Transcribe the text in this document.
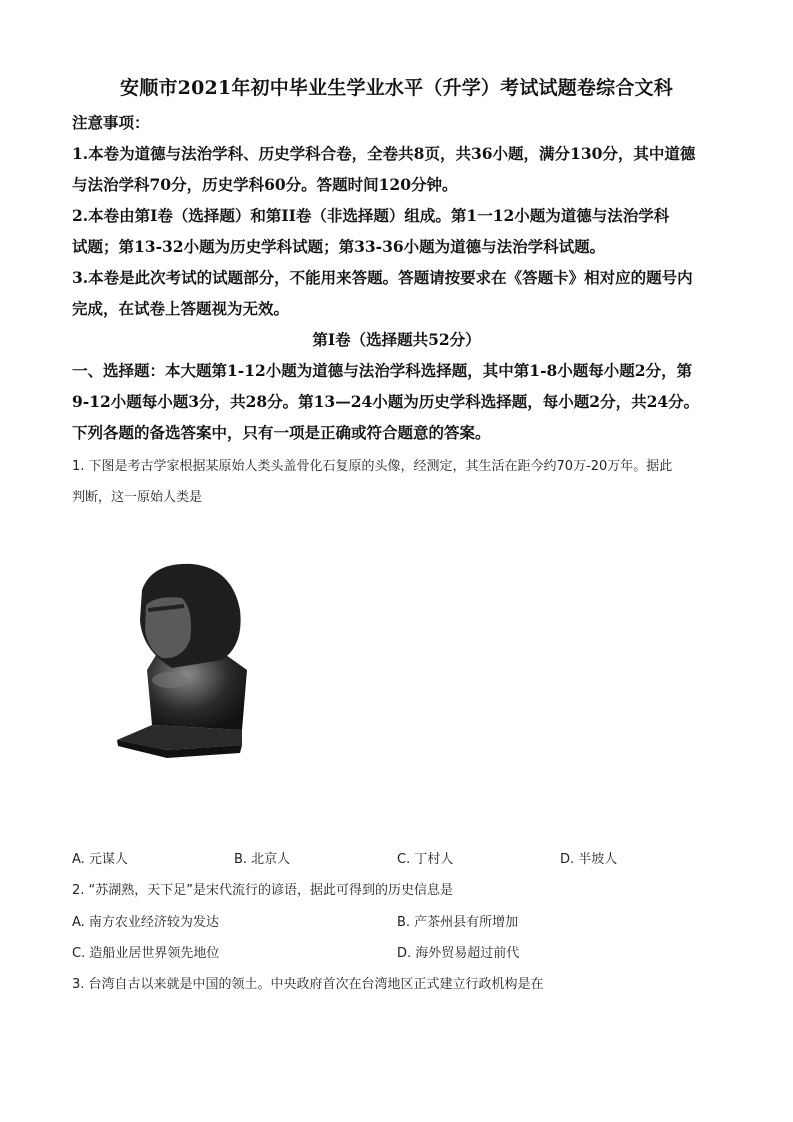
安顺市2021年初中毕业生学业水平（升学）考试试题卷综合文科
注意事项：
1.本卷为道德与法治学科、历史学科合卷，全卷共8页，共36小题，满分130分，其中道德
与法治学科70分，历史学科60分。答题时间120分钟。
2.本卷由第Ⅰ卷（选择题）和第II卷（非选择题）组成。第1一12小题为道德与法治学科
试题；第13-32小题为历史学科试题；第33-36小题为道德与法治学科试题。
3.本卷是此次考试的试题部分，不能用来答题。答题请按要求在《答题卡》相对应的题号内
完成，在试卷上答题视为无效。
第Ⅰ卷（选择题共52分）
一、选择题：本大题第1-12小题为道德与法治学科选择题，其中第1-8小题每小题2分，第
9-12小题每小题3分，共28分。第13—24小题为历史学科选择题，每小题2分，共24分。
下列各题的备选答案中，只有一项是正确或符合题意的答案。
1. 下图是考古学家根据某原始人类头盖骨化石复原的头像，经测定，其生活在距今约70万-20万年。据此
判断，这一原始人类是
A. 元谋人	B. 北京人	C. 丁村人	D. 半坡人
2. “苏湖熟，天下足”是宋代流行的谚语，据此可得到的历史信息是
A. 南方农业经济较为发达	B. 产茶州县有所增加
C. 造船业居世界领先地位	D. 海外贸易超过前代
3. 台湾自古以来就是中国的领土。中央政府首次在台湾地区正式建立行政机构是在
